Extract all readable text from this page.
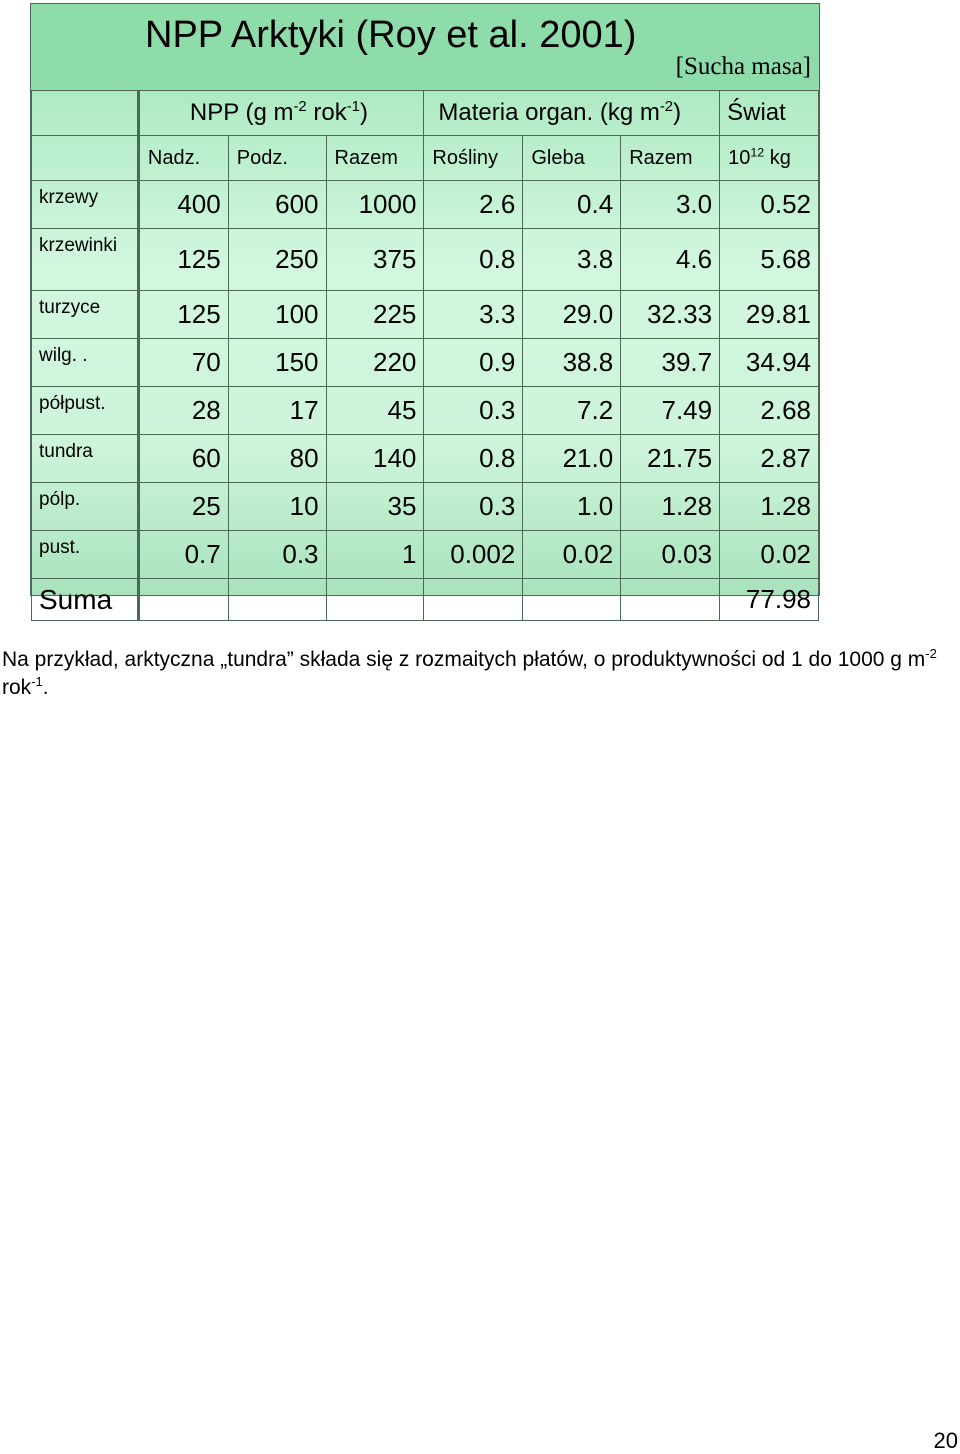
NPP Arktyki (Roy et al. 2001)
[Sucha masa]
	NPP (g $m^{-2}$ rok$^{-1}$)			Materia organ. (kg $m^{-2}$)			Świat
	Nadz.	Podz.	Razem	Rośliny	Gleba	Razem	$10^{12}$ kg
krzewy	400	600	1000	2.6	0.4	3.0	0.52
krzewinki	125	250	375	0.8	3.8	4.6	5.68
turzyce	125	100	225	3.3	29.0	32.33	29.81
wilg. .	70	150	220	0.9	38.8	39.7	34.94
półpust.	28	17	45	0.3	7.2	7.49	2.68
tundra	60	80	140	0.8	21.0	21.75	2.87
pólp.	25	10	35	0.3	1.0	1.28	1.28
pust.	0.7	0.3	1	0.002	0.02	0.03	0.02
Suma							77.98
Na przykład, arktyczna „tundra” składa się z rozmaitych płatów, o produktywności od 1 do 1000 g $m^{-2}$ rok$^{-1}$.
20
